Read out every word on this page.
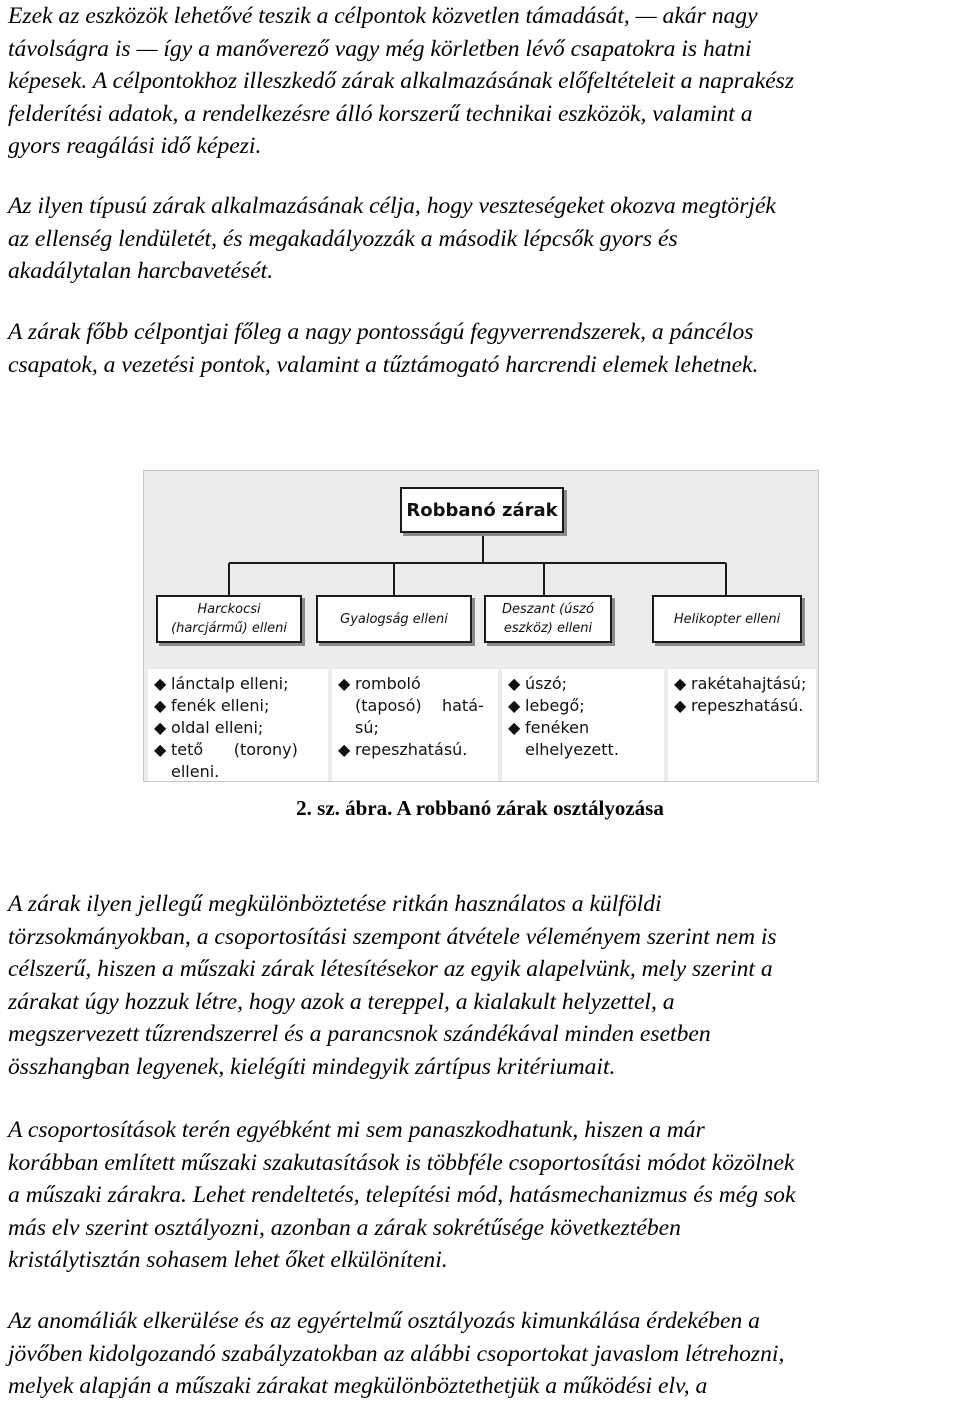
Ezek az eszközök lehetővé teszik a célpontok közvetlen támadását, — akár nagy
távolságra is — így a manőverező vagy még körletben lévő csapatokra is hatni
képesek. A célpontokhoz illeszkedő zárak alkalmazásának előfeltételeit a naprakész
felderítési adatok, a rendelkezésre álló korszerű technikai eszközök, valamint a
gyors reagálási idő képezi.
Az ilyen típusú zárak alkalmazásának célja, hogy veszteségeket okozva megtörjék
az ellenség lendületét, és megakadályozzák a második lépcsők gyors és
akadálytalan harcbavetését.
A zárak főbb célpontjai főleg a nagy pontosságú fegyverrendszerek, a páncélos
csapatok, a vezetési pontok, valamint a tűztámogató harcrendi elemek lehetnek.
Robbanó zárak
Harckocsi
(harcjármű) elleni
Gyalogság elleni
Deszant (úszó
eszköz) elleni
Helikopter elleni
◆ lánctalp elleni;
◆ fenék elleni;
◆ oldal elleni;
◆ tető      (torony)
elleni.
◆ romboló
(taposó)    hatá-
sú;
◆ repeszhatású.
◆ úszó;
◆ lebegő;
◆ fenéken
elhelyezett.
◆ rakétahajtású;
◆ repeszhatású.

2. sz. ábra. A robbanó zárak osztályozása

A zárak ilyen jellegű megkülönböztetése ritkán használatos a külföldi
törzsokmányokban, a csoportosítási szempont átvétele véleményem szerint nem is
célszerű, hiszen a műszaki zárak létesítésekor az egyik alapelvünk, mely szerint a
zárakat úgy hozzuk létre, hogy azok a tereppel, a kialakult helyzettel, a
megszervezett tűzrendszerrel és a parancsnok szándékával minden esetben
összhangban legyenek, kielégíti mindegyik zártípus kritériumait.
A csoportosítások terén egyébként mi sem panaszkodhatunk, hiszen a már
korábban említett műszaki szakutasítások is többféle csoportosítási módot közölnek
a műszaki zárakra. Lehet rendeltetés, telepítési mód, hatásmechanizmus és még sok
más elv szerint osztályozni, azonban a zárak sokrétűsége következtében
kristálytisztán sohasem lehet őket elkülöníteni.
Az anomáliák elkerülése és az egyértelmű osztályozás kimunkálása érdekében a
jövőben kidolgozandó szabályzatokban az alábbi csoportokat javaslom létrehozni,
melyek alapján a műszaki zárakat megkülönböztethetjük a működési elv, a
